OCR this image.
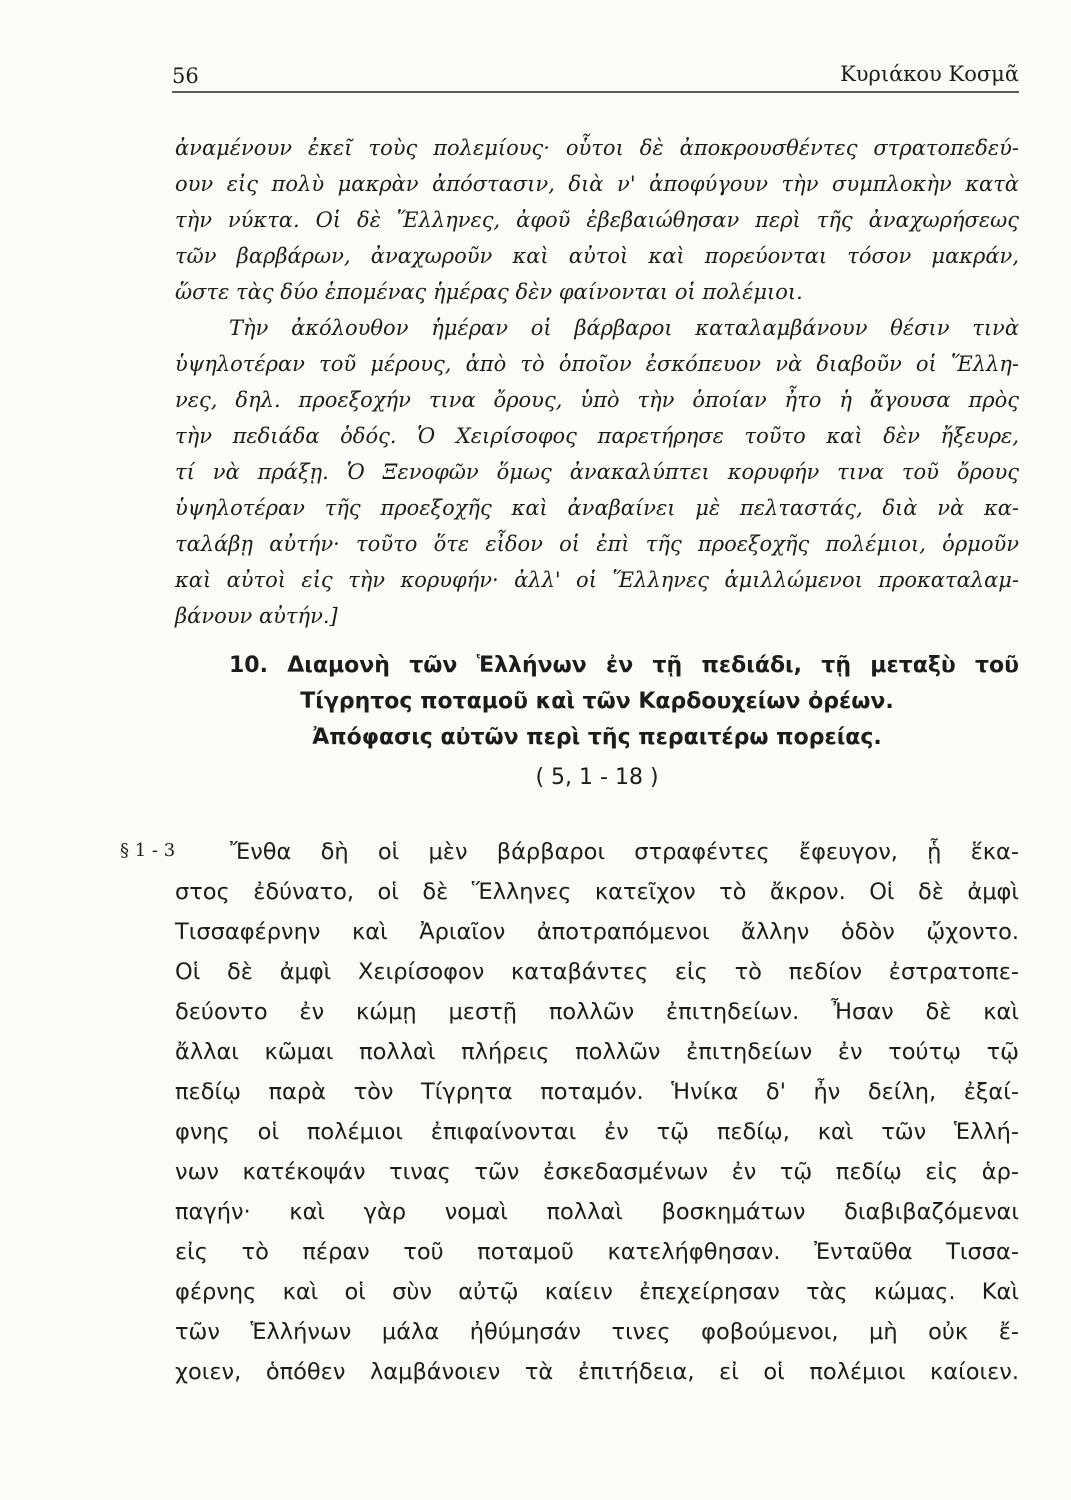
56	Κυριάκου Κοσμᾶ
ἀναμένουν ἐκεῖ τοὺς πολεμίους· οὗτοι δὲ ἀποκρουσθέντες στρατοπεδεύ-
ουν εἰς πολὺ μακρὰν ἀπόστασιν, διὰ ν' ἀποφύγουν τὴν συμπλοκὴν κατὰ
τὴν νύκτα. Οἱ δὲ Ἕλληνες, ἀφοῦ ἐβεβαιώθησαν περὶ τῆς ἀναχωρήσεως
τῶν βαρβάρων, ἀναχωροῦν καὶ αὐτοὶ καὶ πορεύονται τόσον μακράν,
ὥστε τὰς δύο ἑπομένας ἡμέρας δὲν φαίνονται οἱ πολέμιοι.
Τὴν ἀκόλουθον ἡμέραν οἱ βάρβαροι καταλαμβάνουν θέσιν τινὰ
ὑψηλοτέραν τοῦ μέρους, ἀπὸ τὸ ὁποῖον ἐσκόπευον νὰ διαβοῦν οἱ Ἕλλη-
νες, δηλ. προεξοχήν τινα ὄρους, ὑπὸ τὴν ὁποίαν ἦτο ἡ ἄγουσα πρὸς
τὴν πεδιάδα ὁδός. Ὁ Χειρίσοφος παρετήρησε τοῦτο καὶ δὲν ἤξευρε,
τί νὰ πράξῃ. Ὁ Ξενοφῶν ὅμως ἀνακαλύπτει κορυφήν τινα τοῦ ὄρους
ὑψηλοτέραν τῆς προεξοχῆς καὶ ἀναβαίνει μὲ πελταστάς, διὰ νὰ κα-
ταλάβῃ αὐτήν· τοῦτο ὅτε εἶδον οἱ ἐπὶ τῆς προεξοχῆς πολέμιοι, ὁρμοῦν
καὶ αὐτοὶ εἰς τὴν κορυφήν· ἀλλ' οἱ Ἕλληνες ἁμιλλώμενοι προκαταλαμ-
βάνουν αὐτήν.]
10. Διαμονὴ τῶν Ἑλλήνων ἐν τῇ πεδιάδι, τῇ μεταξὺ τοῦ
Τίγρητος ποταμοῦ καὶ τῶν Καρδουχείων ὀρέων.
Ἀπόφασις αὐτῶν περὶ τῆς περαιτέρω πορείας.
( 5, 1 - 18 )
§ 1 - 3 Ἔνθα δὴ οἱ μὲν βάρβαροι στραφέντες ἔφευγον, ᾗ ἕκα-
στος ἐδύνατο, οἱ δὲ Ἕλληνες κατεῖχον τὸ ἄκρον. Οἱ δὲ ἀμφὶ
Τισσαφέρνην καὶ Ἀριαῖον ἀποτραπόμενοι ἄλλην ὁδὸν ᾤχοντο.
Οἱ δὲ ἀμφὶ Χειρίσοφον καταβάντες εἰς τὸ πεδίον ἐστρατοπε-
δεύοντο ἐν κώμῃ μεστῇ πολλῶν ἐπιτηδείων. Ἦσαν δὲ καὶ
ἄλλαι κῶμαι πολλαὶ πλήρεις πολλῶν ἐπιτηδείων ἐν τούτῳ τῷ
πεδίῳ παρὰ τὸν Τίγρητα ποταμόν. Ἡνίκα δ' ἦν δείλη, ἐξαί-
φνης οἱ πολέμιοι ἐπιφαίνονται ἐν τῷ πεδίῳ, καὶ τῶν Ἑλλή-
νων κατέκοψάν τινας τῶν ἐσκεδασμένων ἐν τῷ πεδίῳ εἰς ἁρ-
παγήν· καὶ γὰρ νομαὶ πολλαὶ βοσκημάτων διαβιβαζόμεναι
εἰς τὸ πέραν τοῦ ποταμοῦ κατελήφθησαν. Ἐνταῦθα Τισσα-
φέρνης καὶ οἱ σὺν αὐτῷ καίειν ἐπεχείρησαν τὰς κώμας. Καὶ
τῶν Ἑλλήνων μάλα ἠθύμησάν τινες φοβούμενοι, μὴ οὐκ ἔ-
χοιεν, ὁπόθεν λαμβάνοιεν τὰ ἐπιτήδεια, εἰ οἱ πολέμιοι καίοιεν.
